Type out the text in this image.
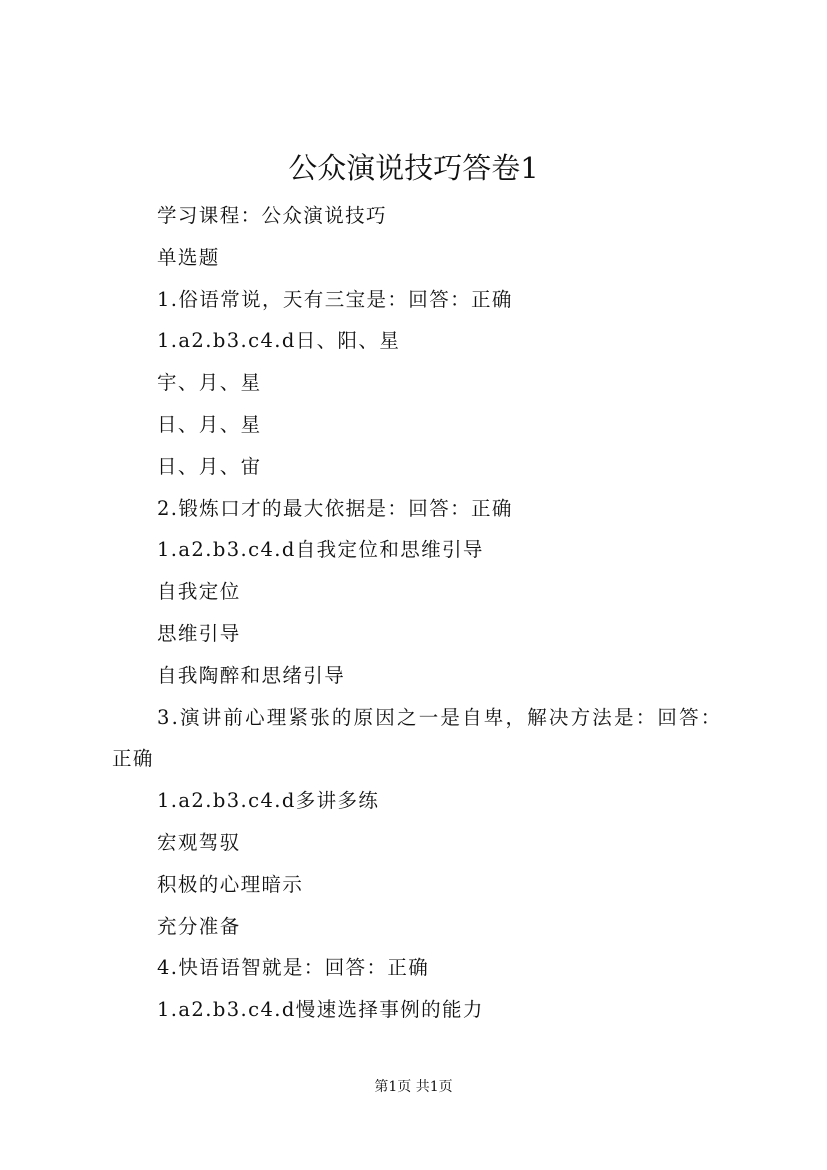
公众演说技巧答卷1
学习课程：公众演说技巧
单选题
1.俗语常说，天有三宝是：回答：正确
1.a2.b3.c4.d日、阳、星
宇、月、星
日、月、星
日、月、宙
2.锻炼口才的最大依据是：回答：正确
1.a2.b3.c4.d自我定位和思维引导
自我定位
思维引导
自我陶醉和思绪引导
3.演讲前心理紧张的原因之一是自卑，解决方法是：回答：
正确
1.a2.b3.c4.d多讲多练
宏观驾驭
积极的心理暗示
充分准备
4.快语语智就是：回答：正确
1.a2.b3.c4.d慢速选择事例的能力
第1页 共1页
